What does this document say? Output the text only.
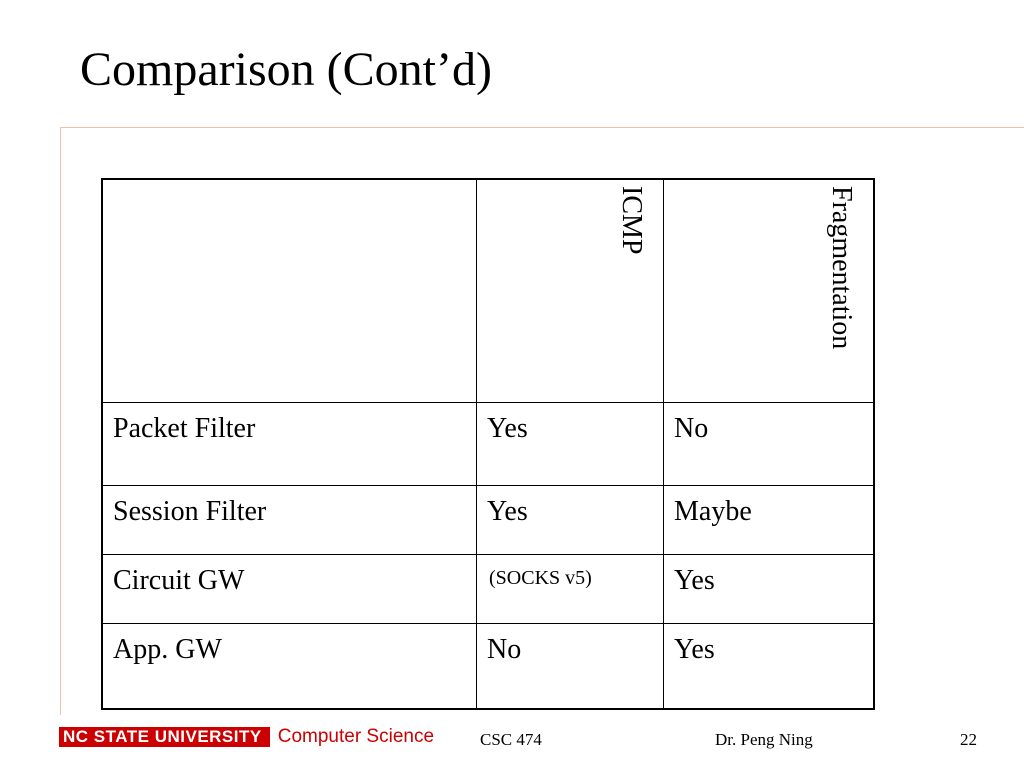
Comparison (Cont’d)

	ICMP	Fragmentation

Packet Filter	Yes	No

Session Filter	Yes	Maybe

Circuit GW	(SOCKS v5)	Yes

App. GW	No	Yes
NC STATE UNIVERSITY Computer Science	CSC 474	Dr. Peng Ning	22
